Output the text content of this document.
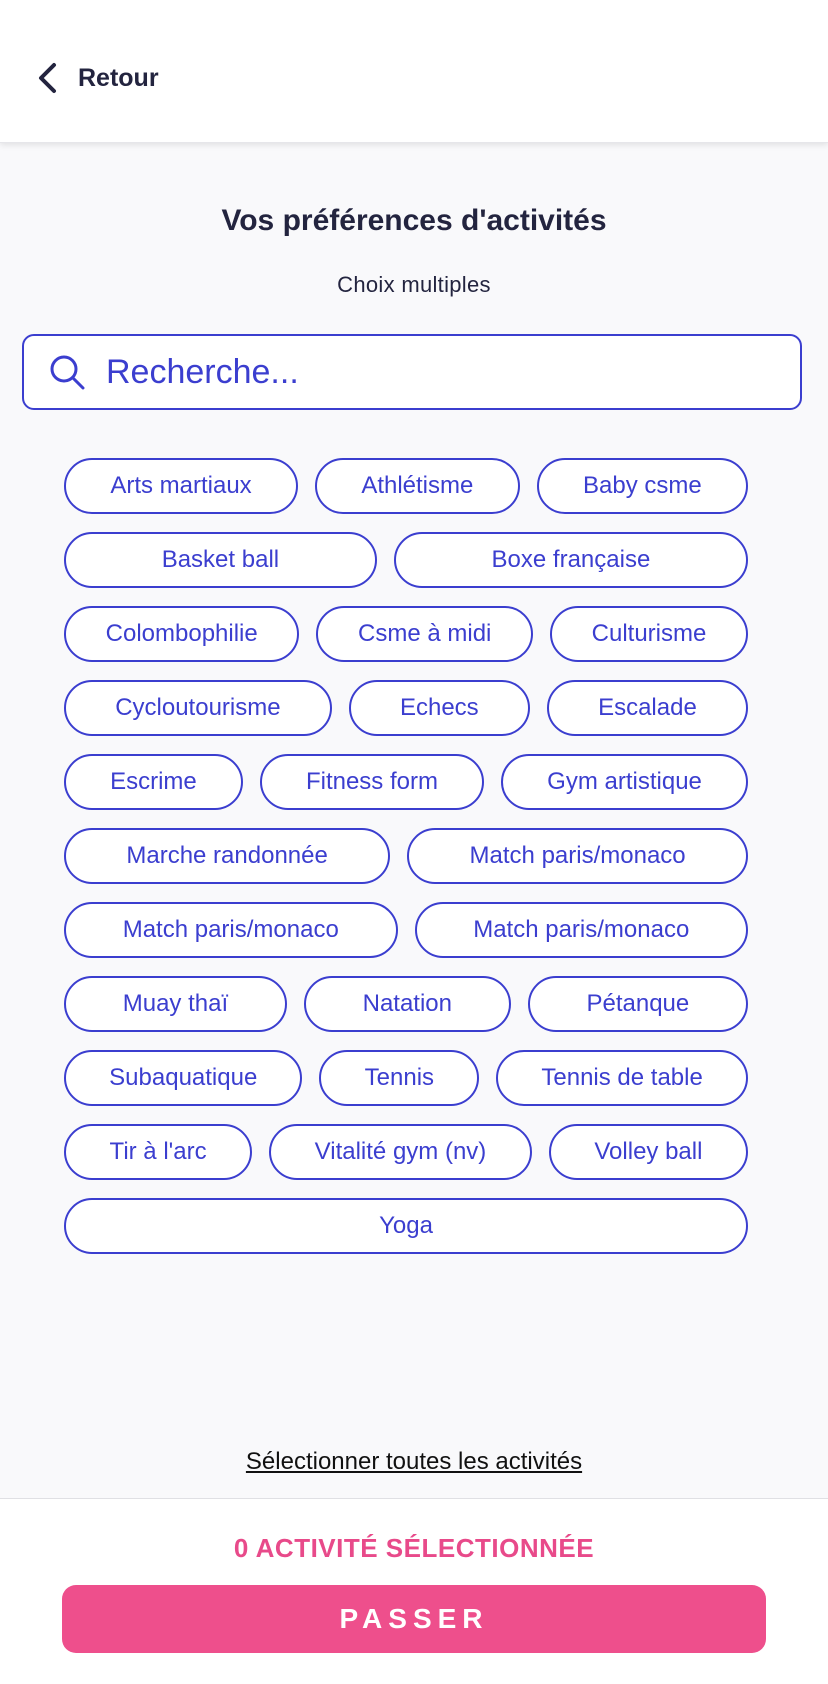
Retour
Vos préférences d'activités
Choix multiples
Recherche...
Arts martiaux	Athlétisme	Baby csme
Basket ball	Boxe française
Colombophilie	Csme à midi	Culturisme
Cycloutourisme	Echecs	Escalade
Escrime	Fitness form	Gym artistique
Marche randonnée	Match paris/monaco
Match paris/monaco	Match paris/monaco
Muay thaï	Natation	Pétanque
Subaquatique	Tennis	Tennis de table
Tir à l'arc	Vitalité gym (nv)	Volley ball
Yoga
Sélectionner toutes les activités
0 ACTIVITÉ SÉLECTIONNÉE
PASSER
